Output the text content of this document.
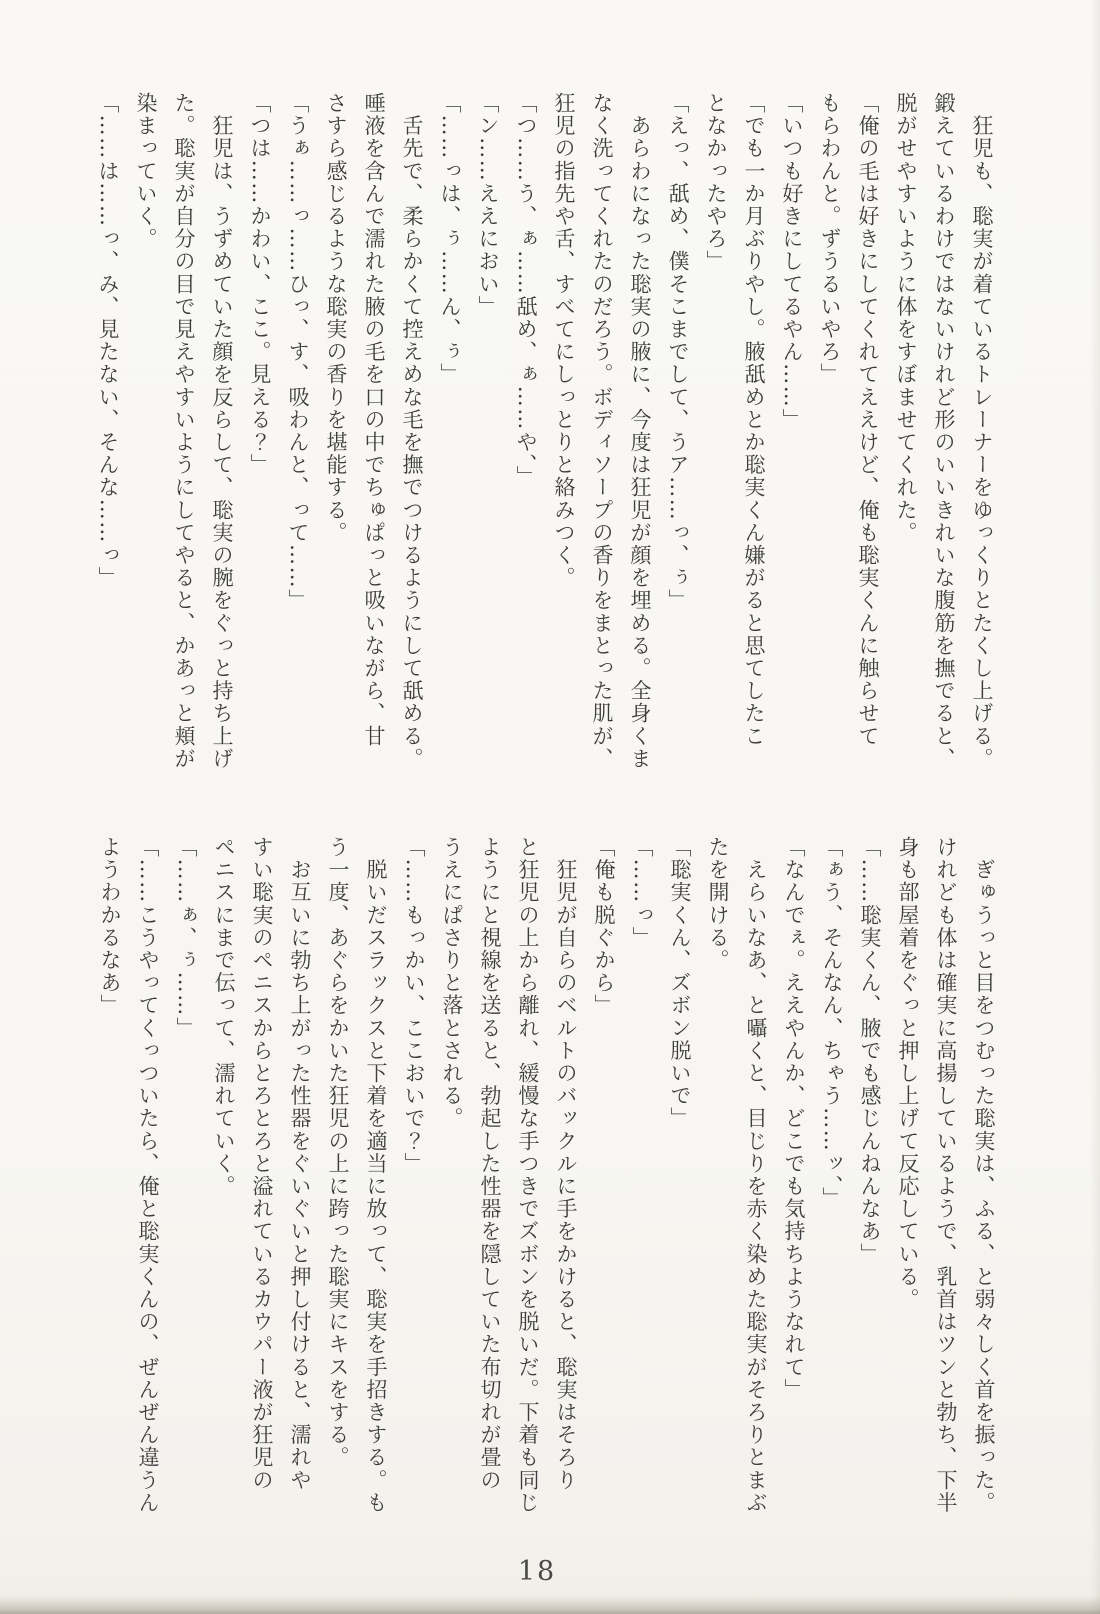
　狂児も、聡実が着ているトレーナーをゆっくりとたくし上げる。

鍛えているわけではないけれど形のいいきれいな腹筋を撫でると、

脱がせやすいように体をすぼませてくれた。

「俺の毛は好きにしてくれてええけど、俺も聡実くんに触らせて

もらわんと。ずうるいやろ」

「いつも好きにしてるやん……」

「でも一か月ぶりやし。腋舐めとか聡実くん嫌がると思てしたこ

となかったやろ」

「えっ、舐め、僕そこまでして、うア……っ、ぅ」

　あらわになった聡実の腋に、今度は狂児が顔を埋める。全身くま

なく洗ってくれたのだろう。ボディソープの香りをまとった肌が、

狂児の指先や舌、すべてにしっとりと絡みつく。

「つ……う、ぁ……舐め、ぁ……や、」

「ン……ええにおい」

「……っは、ぅ……ん、ぅ」

　舌先で、柔らかくて控えめな毛を撫でつけるようにして舐める。

唾液を含んで濡れた腋の毛を口の中でちゅぱっと吸いながら、甘

さすら感じるような聡実の香りを堪能する。

「うぁ……っ……ひっ、す、吸わんと、って……」

「つは……かわい、ここ。見える？」

　狂児は、うずめていた顔を反らして、聡実の腕をぐっと持ち上げ

た。聡実が自分の目で見えやすいようにしてやると、かあっと頬が

染まっていく。

「……は……っ、み、見たない、そんな……っ」

　ぎゅうっと目をつむった聡実は、ふる、と弱々しく首を振った。

けれども体は確実に高揚しているようで、乳首はツンと勃ち、下半

身も部屋着をぐっと押し上げて反応している。

「……聡実くん、腋でも感じんねんなあ」

「ぁう、そんなん、ちゃう……ッ、」

「なんでぇ。ええやんか、どこでも気持ちようなれて」

　えらいなあ、と囁くと、目じりを赤く染めた聡実がそろりとまぶ

たを開ける。

「聡実くん、ズボン脱いで」

「……っ」

「俺も脱ぐから」

　狂児が自らのベルトのバックルに手をかけると、聡実はそろり

と狂児の上から離れ、緩慢な手つきでズボンを脱いだ。下着も同じ

ようにと視線を送ると、勃起した性器を隠していた布切れが畳の

うえにぱさりと落とされる。

「……もっかい、ここおいで？」

　脱いだスラックスと下着を適当に放って、聡実を手招きする。も

う一度、あぐらをかいた狂児の上に跨った聡実にキスをする。

　お互いに勃ち上がった性器をぐいぐいと押し付けると、濡れや

すい聡実のペニスからとろとろと溢れているカウパー液が狂児の

ペニスにまで伝って、濡れていく。

「……ぁ、ぅ……」

「……こうやってくっついたら、俺と聡実くんの、ぜんぜん違うん

ようわかるなあ」

18
